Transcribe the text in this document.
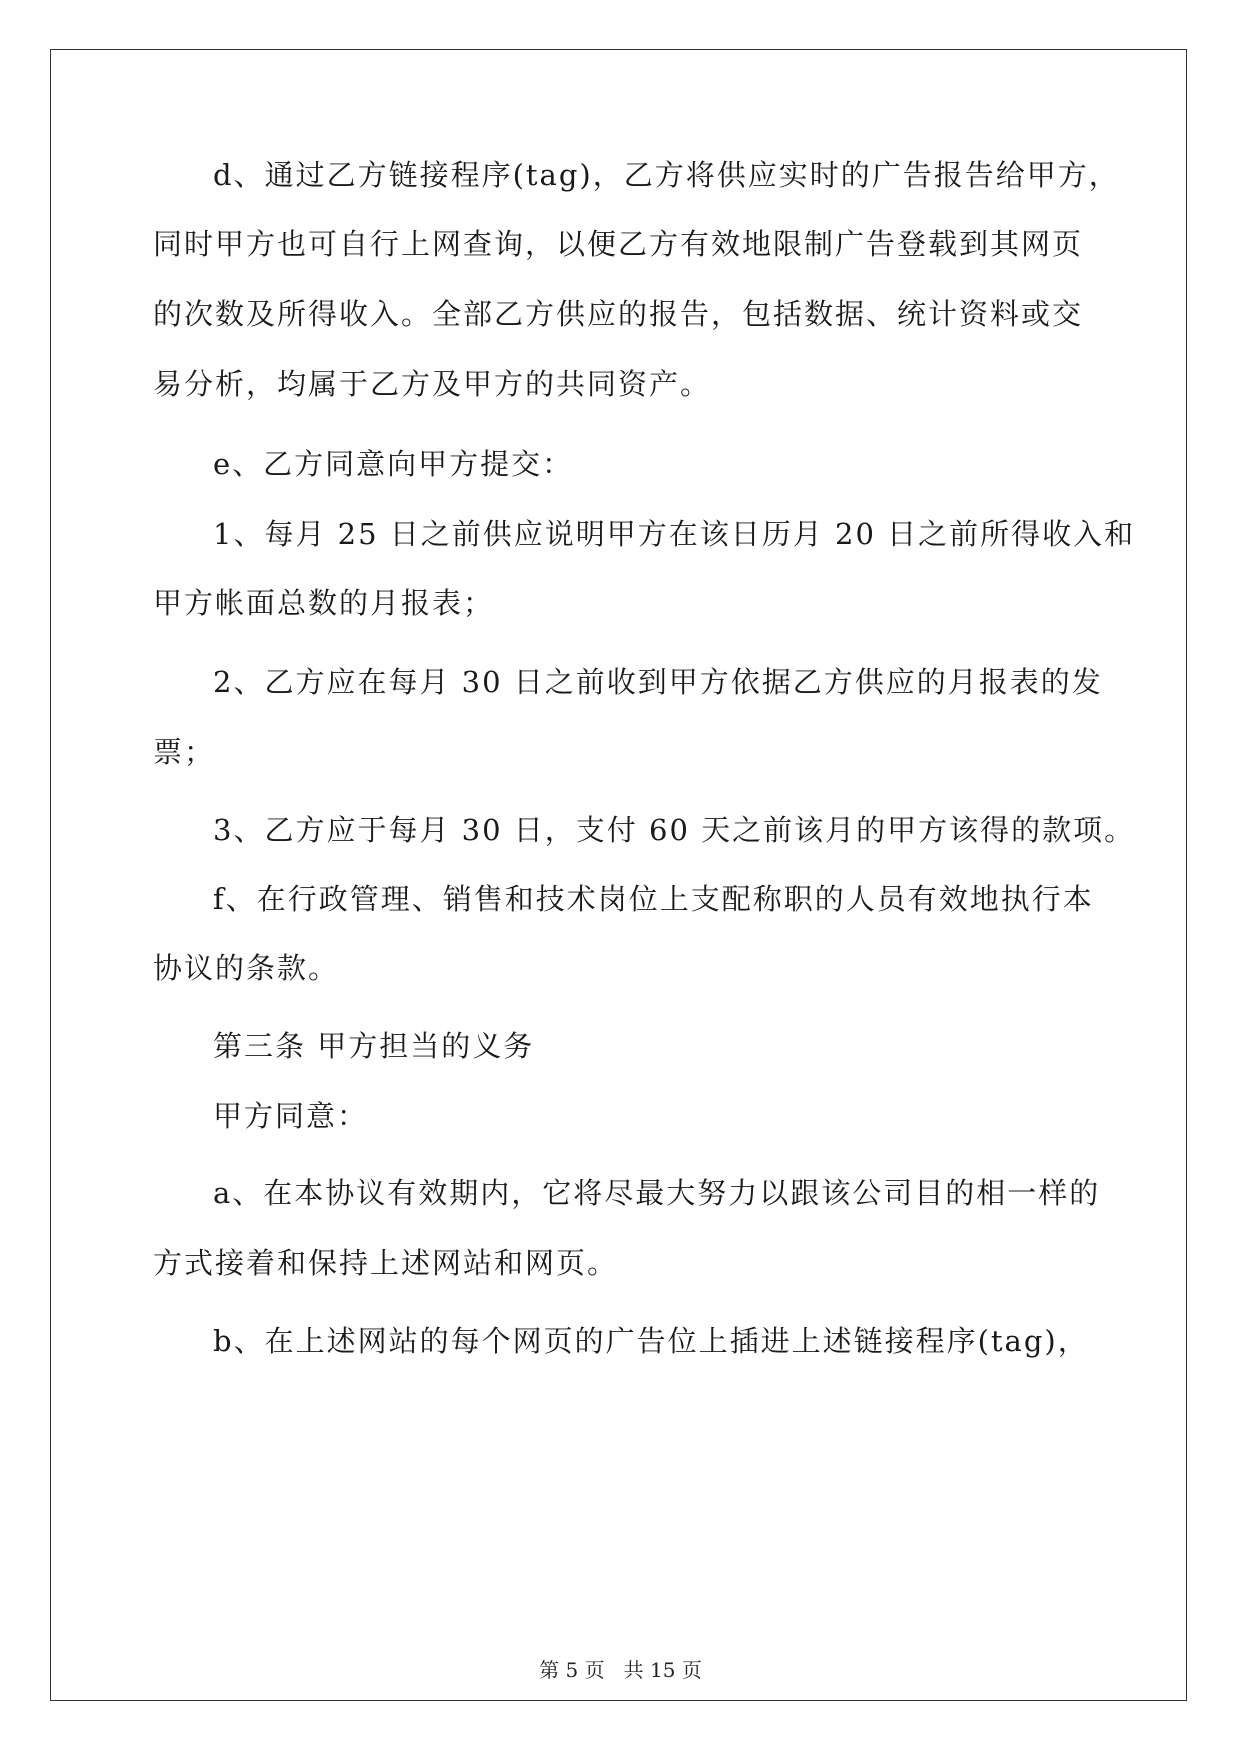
d、通过乙方链接程序(tag)，乙方将供应实时的广告报告给甲方，
同时甲方也可自行上网查询，以便乙方有效地限制广告登载到其网页
的次数及所得收入。全部乙方供应的报告，包括数据、统计资料或交
易分析，均属于乙方及甲方的共同资产。
e、乙方同意向甲方提交：
1、每月 25 日之前供应说明甲方在该日历月 20 日之前所得收入和
甲方帐面总数的月报表；
2、乙方应在每月 30 日之前收到甲方依据乙方供应的月报表的发
票；
3、乙方应于每月 30 日，支付 60 天之前该月的甲方该得的款项。
f、在行政管理、销售和技术岗位上支配称职的人员有效地执行本
协议的条款。
第三条 甲方担当的义务
甲方同意：
a、在本协议有效期内，它将尽最大努力以跟该公司目的相一样的
方式接着和保持上述网站和网页。
b、在上述网站的每个网页的广告位上插进上述链接程序(tag)，
第 5 页   共 15 页
